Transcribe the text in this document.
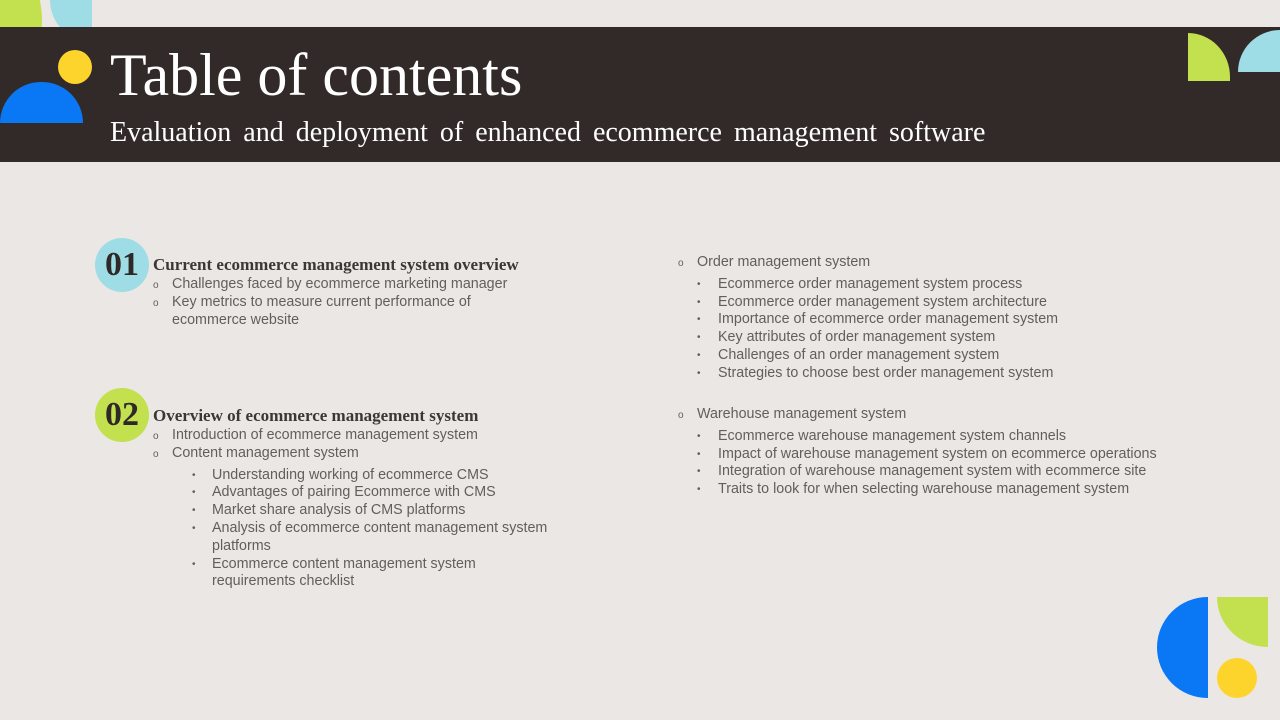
Table of contents
Evaluation and deployment of enhanced ecommerce management software
01 Current ecommerce management system overview
o Challenges faced by ecommerce marketing manager
o Key metrics to measure current performance of ecommerce website
02 Overview of ecommerce management system
o Introduction of ecommerce management system
o Content management system
• Understanding working of ecommerce CMS
• Advantages of pairing Ecommerce with CMS
• Market share analysis of CMS platforms
• Analysis of ecommerce content management system platforms
• Ecommerce content management system requirements checklist
o Order management system
• Ecommerce order management system process
• Ecommerce order management system architecture
• Importance of ecommerce order management system
• Key attributes of order management system
• Challenges of an order management system
• Strategies to choose best order management system
o Warehouse management system
• Ecommerce warehouse management system channels
• Impact of warehouse management system on ecommerce operations
• Integration of warehouse management system with ecommerce site
• Traits to look for when selecting warehouse management system
